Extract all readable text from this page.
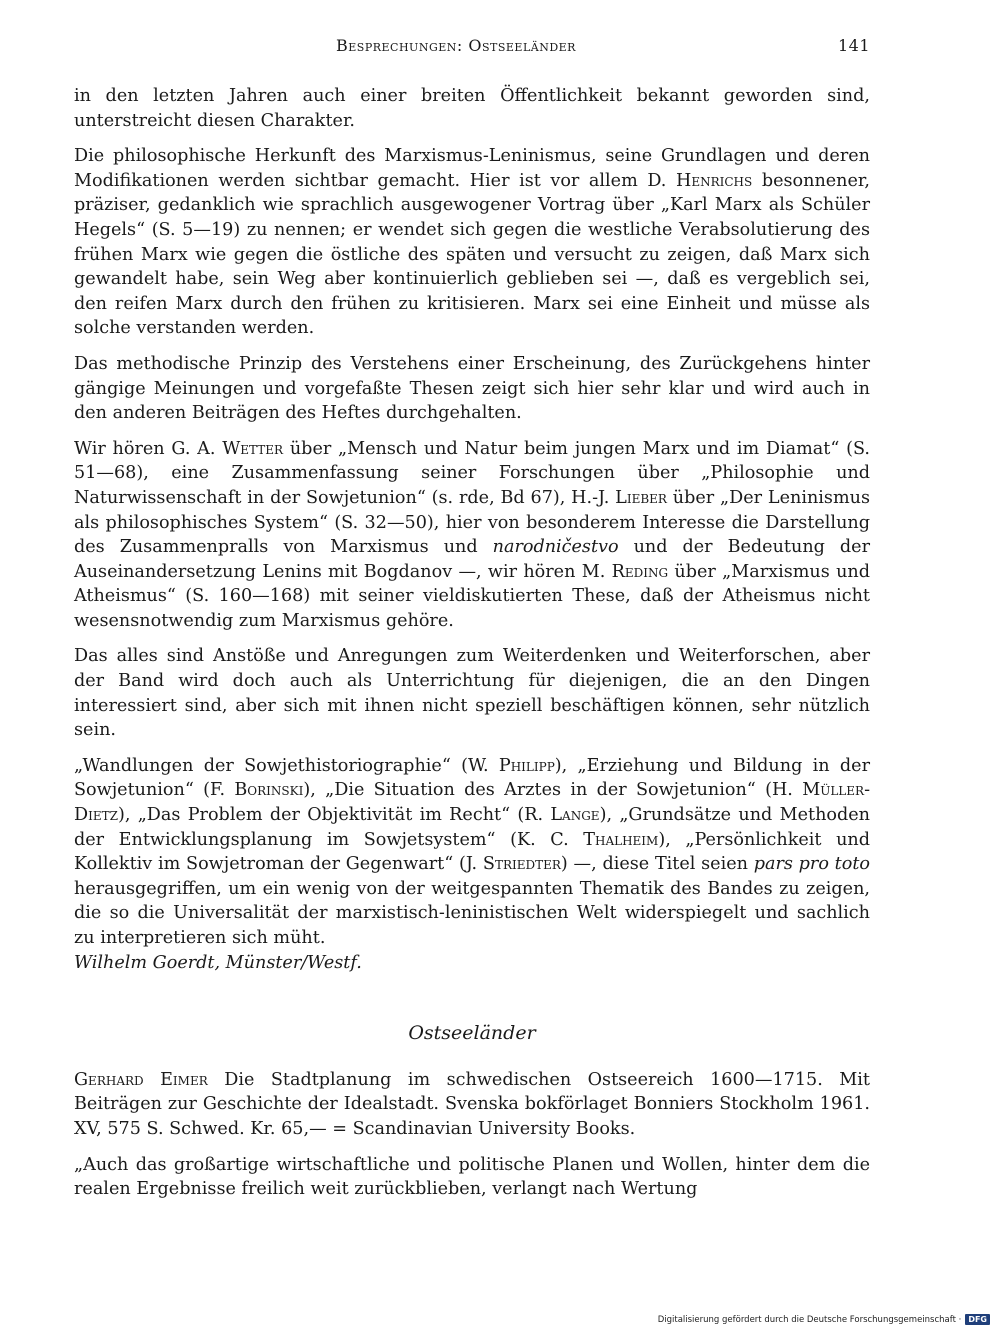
Besprechungen: Ostseeländer	141

in den letzten Jahren auch einer breiten Öffentlichkeit bekannt geworden sind, unterstreicht diesen Charakter.

Die philosophische Herkunft des Marxismus-Leninismus, seine Grundlagen und deren Modifikationen werden sichtbar gemacht. Hier ist vor allem D. Henrichs besonnener, präziser, gedanklich wie sprachlich ausgewogener Vortrag über „Karl Marx als Schüler Hegels“ (S. 5—19) zu nennen; er wendet sich gegen die westliche Verabsolutierung des frühen Marx wie gegen die östliche des späten und versucht zu zeigen, daß Marx sich gewandelt habe, sein Weg aber kontinuierlich geblieben sei —, daß es vergeblich sei, den reifen Marx durch den frühen zu kritisieren. Marx sei eine Einheit und müsse als solche verstanden werden.

Das methodische Prinzip des Verstehens einer Erscheinung, des Zurückgehens hinter gängige Meinungen und vorgefaßte Thesen zeigt sich hier sehr klar und wird auch in den anderen Beiträgen des Heftes durchgehalten.

Wir hören G. A. Wetter über „Mensch und Natur beim jungen Marx und im Diamat“ (S. 51—68), eine Zusammenfassung seiner Forschungen über „Philosophie und Naturwissenschaft in der Sowjetunion“ (s. rde, Bd 67), H.-J. Lieber über „Der Leninismus als philosophisches System“ (S. 32—50), hier von besonderem Interesse die Darstellung des Zusammenpralls von Marxismus und narodničestvo und der Bedeutung der Auseinandersetzung Lenins mit Bogdanov —, wir hören M. Reding über „Marxismus und Atheismus“ (S. 160—168) mit seiner vieldiskutierten These, daß der Atheismus nicht wesensnotwendig zum Marxismus gehöre.

Das alles sind Anstöße und Anregungen zum Weiterdenken und Weiterforschen, aber der Band wird doch auch als Unterrichtung für diejenigen, die an den Dingen interessiert sind, aber sich mit ihnen nicht speziell beschäftigen können, sehr nützlich sein.

„Wandlungen der Sowjethistoriographie“ (W. Philipp), „Erziehung und Bildung in der Sowjetunion“ (F. Borinski), „Die Situation des Arztes in der Sowjetunion“ (H. Müller-Dietz), „Das Problem der Objektivität im Recht“ (R. Lange), „Grundsätze und Methoden der Entwicklungsplanung im Sowjetsystem“ (K. C. Thalheim), „Persönlichkeit und Kollektiv im Sowjetroman der Gegenwart“ (J. Striedter) —, diese Titel seien pars pro toto herausgegriffen, um ein wenig von der weitgespannten Thematik des Bandes zu zeigen, die so die Universalität der marxistisch-leninistischen Welt widerspiegelt und sachlich zu interpretieren sich müht.

Wilhelm Goerdt, Münster/Westf.

Ostseeländer

Gerhard Eimer Die Stadtplanung im schwedischen Ostseereich 1600—1715. Mit Beiträgen zur Geschichte der Idealstadt. Svenska bokförlaget Bonniers Stockholm 1961. XV, 575 S. Schwed. Kr. 65,— = Scandinavian University Books.

„Auch das großartige wirtschaftliche und politische Planen und Wollen, hinter dem die realen Ergebnisse freilich weit zurückblieben, verlangt nach Wertung

Digitalisierung gefördert durch die Deutsche Forschungsgemeinschaft · DFG
